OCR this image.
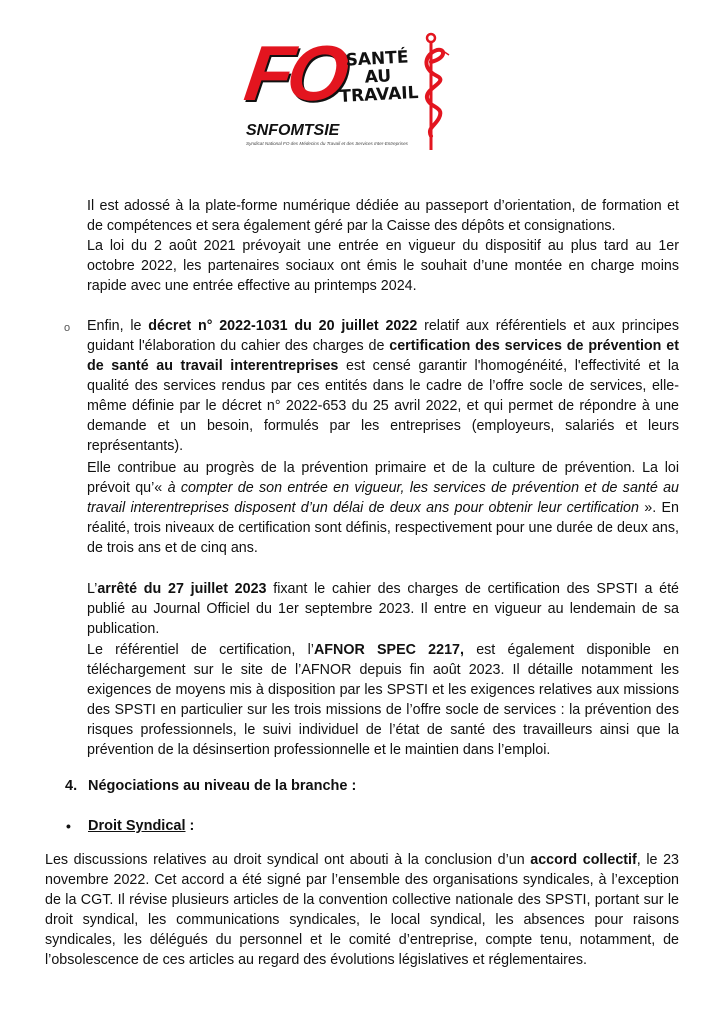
FO
SANTÉ
AU
TRAVAIL
SNFOMTSIE
Syndicat National FO des Médecins du Travail et des Services Inter-Entreprises

Il est adossé à la plate-forme numérique dédiée au passeport d’orientation, de formation et de compétences et sera également géré par la Caisse des dépôts et consignations.

La loi du 2 août 2021 prévoyait une entrée en vigueur du dispositif au plus tard au 1er octobre 2022, les partenaires sociaux ont émis le souhait d’une montée en charge moins rapide avec une entrée effective au printemps 2024.

o Enfin, le décret n° 2022-1031 du 20 juillet 2022 relatif aux référentiels et aux principes guidant l'élaboration du cahier des charges de certification des services de prévention et de santé au travail interentreprises est censé garantir l'homogénéité, l'effectivité et la qualité des services rendus par ces entités dans le cadre de l’offre socle de services, elle-même définie par le décret n° 2022-653 du 25 avril 2022, et qui permet de répondre à une demande et un besoin, formulés par les entreprises (employeurs, salariés et leurs représentants).

Elle contribue au progrès de la prévention primaire et de la culture de prévention. La loi prévoit qu’« à compter de son entrée en vigueur, les services de prévention et de santé au travail interentreprises disposent d’un délai de deux ans pour obtenir leur certification ». En réalité, trois niveaux de certification sont définis, respectivement pour une durée de deux ans, de trois ans et de cinq ans.

L’arrêté du 27 juillet 2023 fixant le cahier des charges de certification des SPSTI a été publié au Journal Officiel du 1er septembre 2023. Il entre en vigueur au lendemain de sa publication.

Le référentiel de certification, l’AFNOR SPEC 2217, est également disponible en téléchargement sur le site de l’AFNOR depuis fin août 2023. Il détaille notamment les exigences de moyens mis à disposition par les SPSTI et les exigences relatives aux missions des SPSTI en particulier sur les trois missions de l’offre socle de services : la prévention des risques professionnels, le suivi individuel de l’état de santé des travailleurs ainsi que la prévention de la désinsertion professionnelle et le maintien dans l’emploi.

4. Négociations au niveau de la branche :
• Droit Syndical :

Les discussions relatives au droit syndical ont abouti à la conclusion d’un accord collectif, le 23 novembre 2022. Cet accord a été signé par l’ensemble des organisations syndicales, à l’exception de la CGT. Il révise plusieurs articles de la convention collective nationale des SPSTI, portant sur le droit syndical, les communications syndicales, le local syndical, les absences pour raisons syndicales, les délégués du personnel et le comité d’entreprise, compte tenu, notamment, de l’obsolescence de ces articles au regard des évolutions législatives et réglementaires.
